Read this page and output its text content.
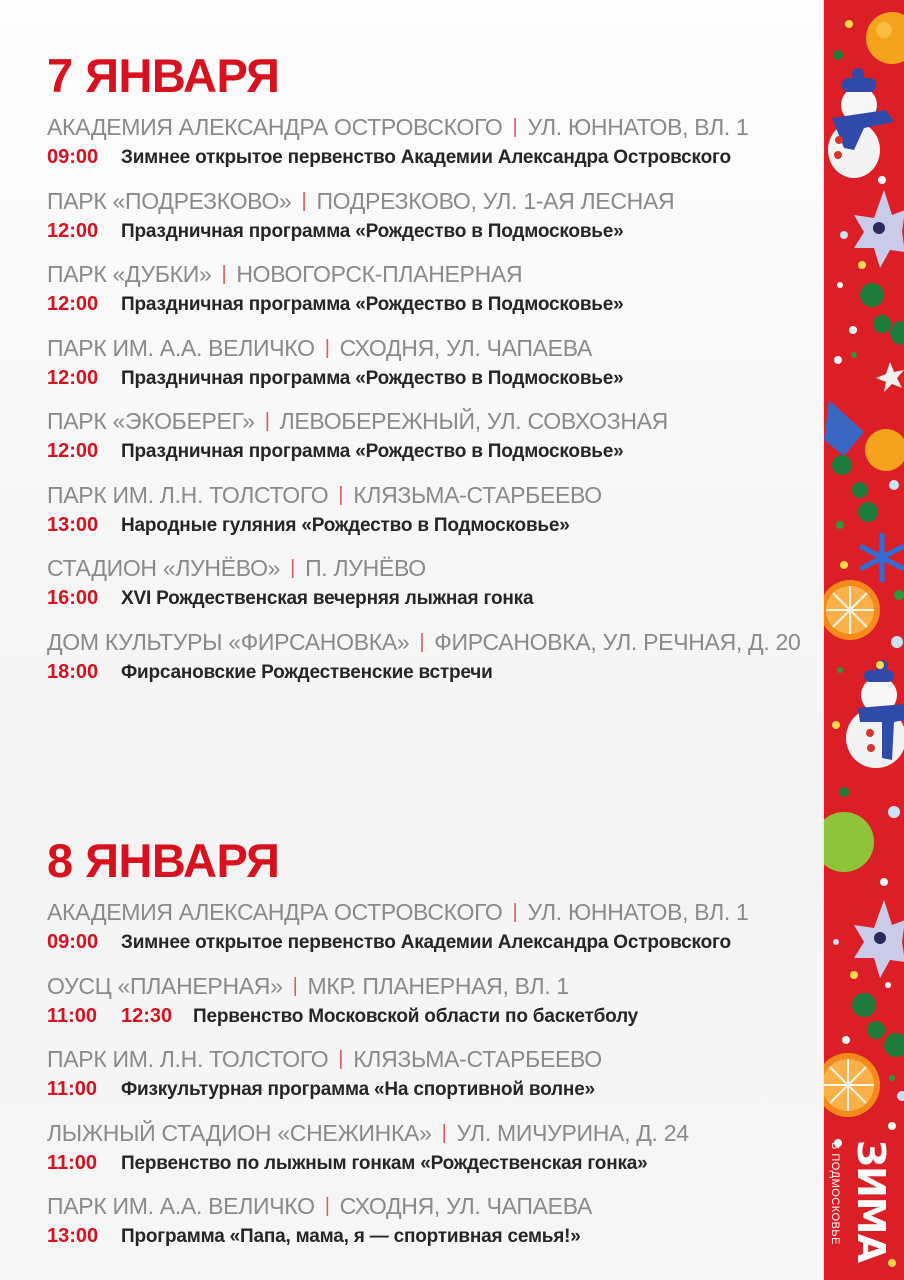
7 ЯНВАРЯ
АКАДЕМИЯ АЛЕКСАНДРА ОСТРОВСКОГО | УЛ. ЮННАТОВ, ВЛ. 1
09:00 Зимнее открытое первенство Академии Александра Островского
ПАРК «ПОДРЕЗКОВО» | ПОДРЕЗКОВО, УЛ. 1-АЯ ЛЕСНАЯ
12:00 Праздничная программа «Рождество в Подмосковье»
ПАРК «ДУБКИ» | НОВОГОРСК-ПЛАНЕРНАЯ
12:00 Праздничная программа «Рождество в Подмосковье»
ПАРК ИМ. А.А. ВЕЛИЧКО | СХОДНЯ, УЛ. ЧАПАЕВА
12:00 Праздничная программа «Рождество в Подмосковье»
ПАРК «ЭКОБЕРЕГ» | ЛЕВОБЕРЕЖНЫЙ, УЛ. СОВХОЗНАЯ
12:00 Праздничная программа «Рождество в Подмосковье»
ПАРК ИМ. Л.Н. ТОЛСТОГО | КЛЯЗЬМА-СТАРБЕЕВО
13:00 Народные гуляния «Рождество в Подмосковье»
СТАДИОН «ЛУНЁВО» | П. ЛУНЁВО
16:00 XVI Рождественская вечерняя лыжная гонка
ДОМ КУЛЬТУРЫ «ФИРСАНОВКА» | ФИРСАНОВКА, УЛ. РЕЧНАЯ, Д. 20
18:00 Фирсановские Рождественские встречи
8 ЯНВАРЯ
АКАДЕМИЯ АЛЕКСАНДРА ОСТРОВСКОГО | УЛ. ЮННАТОВ, ВЛ. 1
09:00 Зимнее открытое первенство Академии Александра Островского
ОУСЦ «ПЛАНЕРНАЯ» | МКР. ПЛАНЕРНАЯ, ВЛ. 1
11:00 12:30 Первенство Московской области по баскетболу
ПАРК ИМ. Л.Н. ТОЛСТОГО | КЛЯЗЬМА-СТАРБЕЕВО
11:00 Физкультурная программа «На спортивной волне»
ЛЫЖНЫЙ СТАДИОН «СНЕЖИНКА» | УЛ. МИЧУРИНА, Д. 24
11:00 Первенство по лыжным гонкам «Рождественская гонка»
ПАРК ИМ. А.А. ВЕЛИЧКО | СХОДНЯ, УЛ. ЧАПАЕВА
13:00 Программа «Папа, мама, я — спортивная семья!»	ЗИМА
В ПОДМОСКОВЬЕ
